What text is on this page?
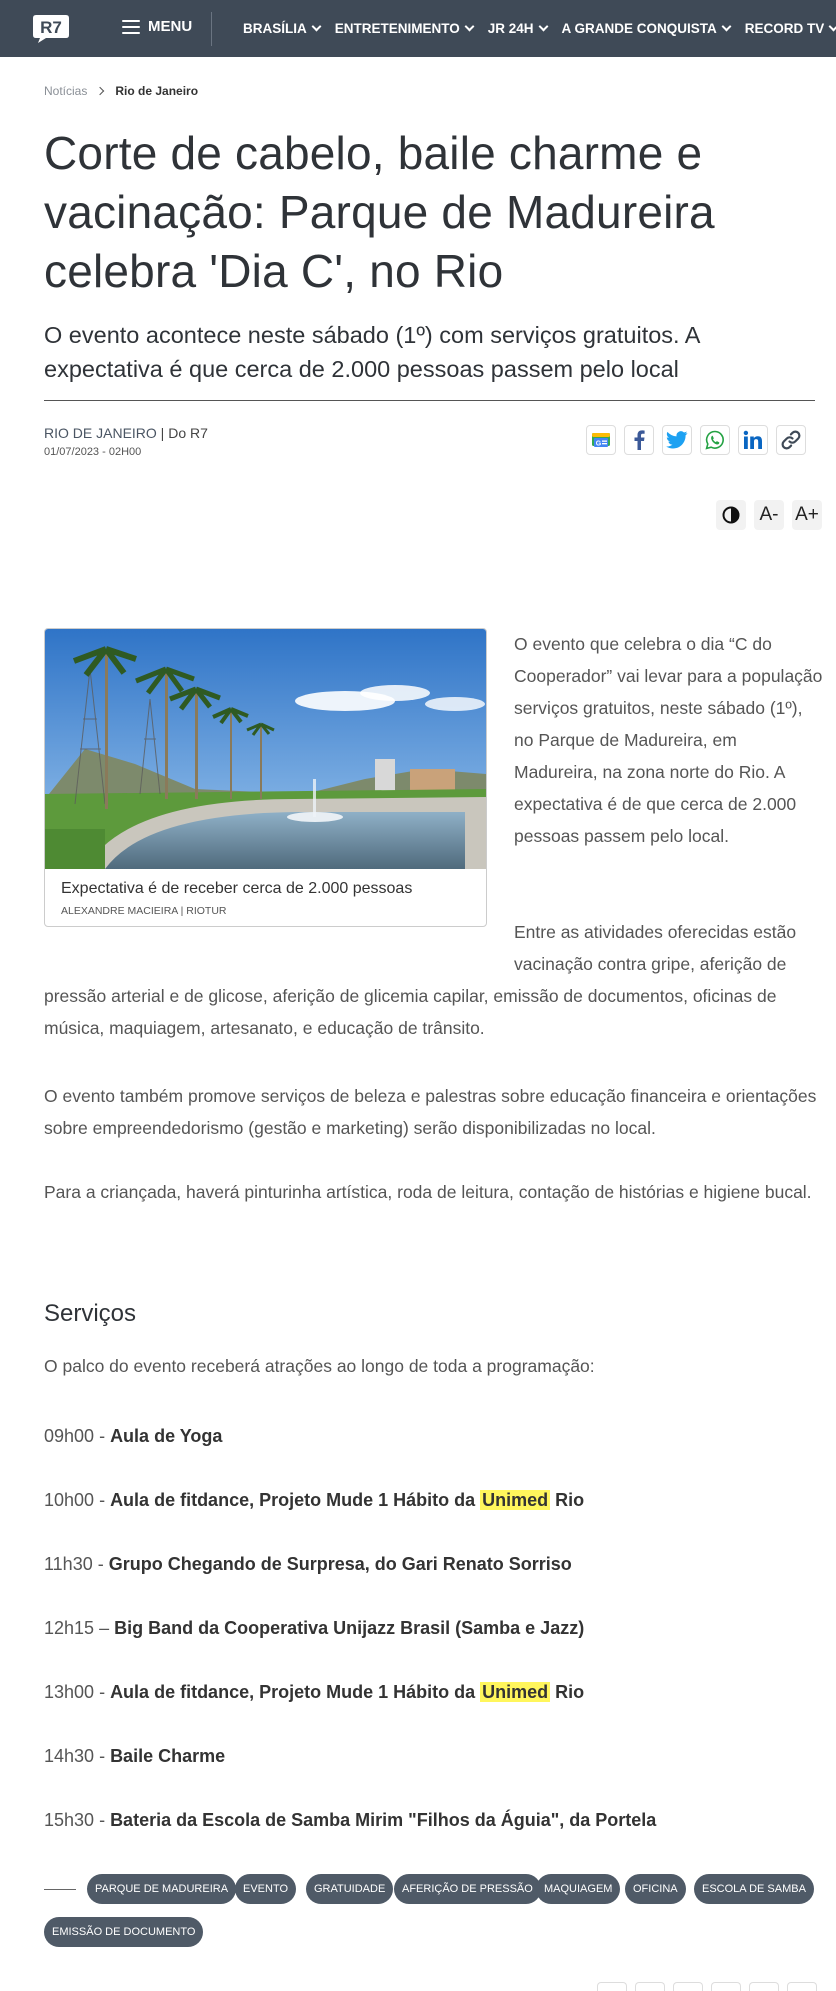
R7	MENU	BRASÍLIA ENTRETENIMENTO JR 24H A GRANDE CONQUISTA RECORD TV
Notícias Rio de Janeiro
Corte de cabelo, baile charme e vacinação: Parque de Madureira celebra 'Dia C', no Rio
O evento acontece neste sábado (1º) com serviços gratuitos. A expectativa é que cerca de 2.000 pessoas passem pelo local
RIO DE JANEIRO | Do R7
01/07/2023 - 02H00
G
A- A+
Expectativa é de receber cerca de 2.000 pessoas
ALEXANDRE MACIEIRA | RIOTUR

O evento que celebra o dia “C do Cooperador” vai levar para a população serviços gratuitos, neste sábado (1º), no Parque de Madureira, em Madureira, na zona norte do Rio. A expectativa é de que cerca de 2.000 pessoas passem pelo local.

Entre as atividades oferecidas estão vacinação contra gripe, aferição de

pressão arterial e de glicose, aferição de glicemia capilar, emissão de documentos, oficinas de música, maquiagem, artesanato, e educação de trânsito.

O evento também promove serviços de beleza e palestras sobre educação financeira e orientações sobre empreendedorismo (gestão e marketing) serão disponibilizadas no local.

Para a criançada, haverá pinturinha artística, roda de leitura, contação de histórias e higiene bucal.

Serviços

O palco do evento receberá atrações ao longo de toda a programação:

09h00 - Aula de Yoga
10h00 - Aula de fitdance, Projeto Mude 1 Hábito da Unimed Rio
11h30 - Grupo Chegando de Surpresa, do Gari Renato Sorriso
12h15 – Big Band da Cooperativa Unijazz Brasil (Samba e Jazz)
13h00 - Aula de fitdance, Projeto Mude 1 Hábito da Unimed Rio
14h30 - Baile Charme
15h30 - Bateria da Escola de Samba Mirim "Filhos da Águia", da Portela
PARQUE DE MADUREIRA	EVENTO	GRATUIDADE	AFERIÇÃO DE PRESSÃO	MAQUIAGEM	OFICINA	ESCOLA DE SAMBA
EMISSÃO DE DOCUMENTO
